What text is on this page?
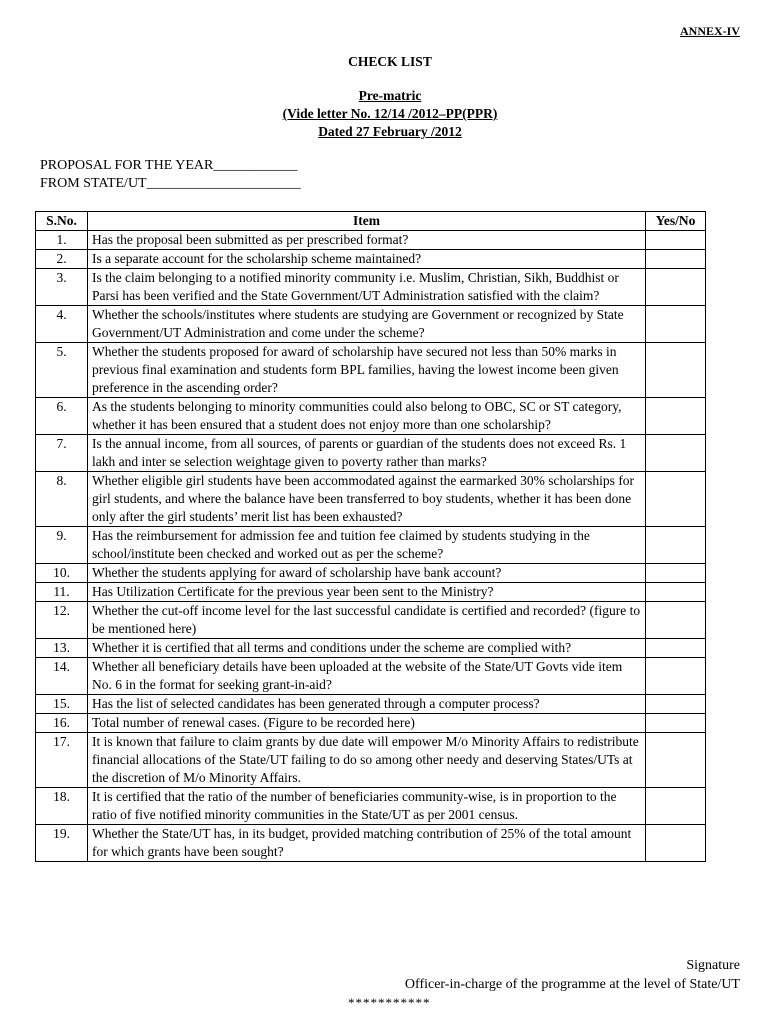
ANNEX-IV
CHECK LIST
Pre-matric
(Vide letter No. 12/14 /2012–PP(PPR)
Dated 27 February /2012
PROPOSAL FOR THE YEAR____________
FROM STATE/UT______________________
S.No.	Item	Yes/No
1.	Has the proposal been submitted as per prescribed format?	
2.	Is a separate account for the scholarship scheme maintained?	
3.	Is the claim belonging to a notified minority community i.e. Muslim, Christian, Sikh, Buddhist or Parsi has been verified and the State Government/UT Administration satisfied with the claim?	
4.	Whether the schools/institutes where students are studying are Government or recognized by State Government/UT Administration and come under the scheme?	
5.	Whether the students proposed for award of scholarship have secured not less than 50% marks in previous final examination and students form BPL families, having the lowest income been given preference in the ascending order?	
6.	As the students belonging to minority communities could also belong to OBC, SC or ST category, whether it has been ensured that a student does not enjoy more than one scholarship?	
7.	Is the annual income, from all sources, of parents or guardian of the students does not exceed Rs. 1 lakh and inter se selection weightage given to poverty rather than marks?	
8.	Whether eligible girl students have been accommodated against the earmarked 30% scholarships for girl students, and where the balance have been transferred to boy students, whether it has been done only after the girl students’ merit list has been exhausted?	
9.	Has the reimbursement for admission fee and tuition fee claimed by students studying in the school/institute been checked and worked out as per the scheme?	
10.	Whether the students applying for award of scholarship have bank account?	
11.	Has Utilization Certificate for the previous year been sent to the Ministry?	
12.	Whether the cut-off income level for the last successful candidate is certified and recorded? (figure to be mentioned here)	
13.	Whether it is certified that all terms and conditions under the scheme are complied with?	
14.	Whether all beneficiary details have been uploaded at the website of the State/UT Govts vide item No. 6 in the format for seeking grant-in-aid?	
15.	Has the list of selected candidates has been generated through a computer process?	
16.	Total number of renewal cases. (Figure to be recorded here)	
17.	It is known that failure to claim grants by due date will empower M/o Minority Affairs to redistribute financial allocations of the State/UT failing to do so among other needy and deserving States/UTs at the discretion of M/o Minority Affairs.	
18.	It is certified that the ratio of the number of beneficiaries community-wise, is in proportion to the ratio of five notified minority communities in the State/UT as per 2001 census.	
19.	Whether the State/UT has, in its budget, provided matching contribution of 25% of the total amount for which grants have been sought?	
Signature
Officer-in-charge of the programme at the level of State/UT
***********
